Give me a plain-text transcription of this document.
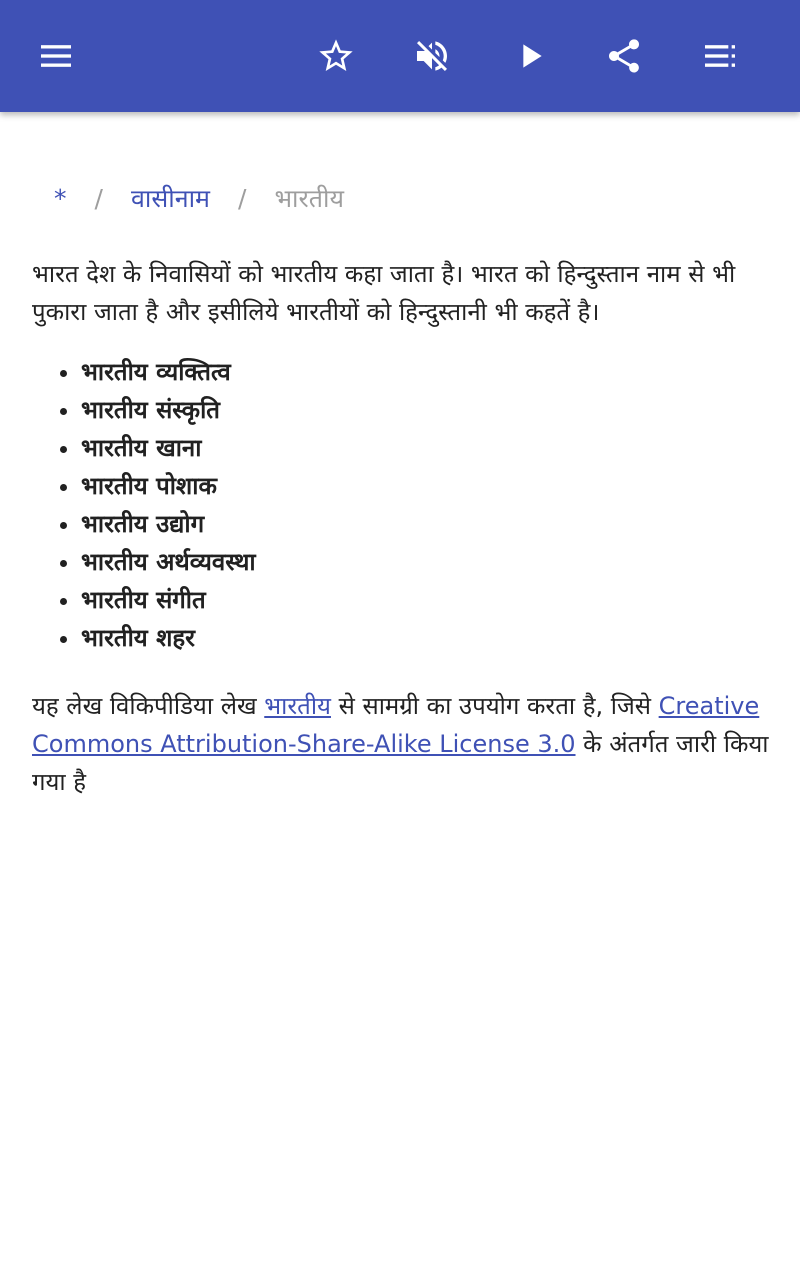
* / वासीनाम / भारतीय

भारत देश के निवासियों को भारतीय कहा जाता है। भारत को हिन्दुस्तान नाम से भी पुकारा जाता है और इसीलिये भारतीयों को हिन्दुस्तानी भी कहतें है।

• भारतीय व्यक्तित्व
• भारतीय संस्कृति
• भारतीय खाना
• भारतीय पोशाक
• भारतीय उद्योग
• भारतीय अर्थव्यवस्था
• भारतीय संगीत
• भारतीय शहर

यह लेख विकिपीडिया लेख भारतीय से सामग्री का उपयोग करता है, जिसे Creative Commons Attribution-Share-Alike License 3.0 के अंतर्गत जारी किया गया है
